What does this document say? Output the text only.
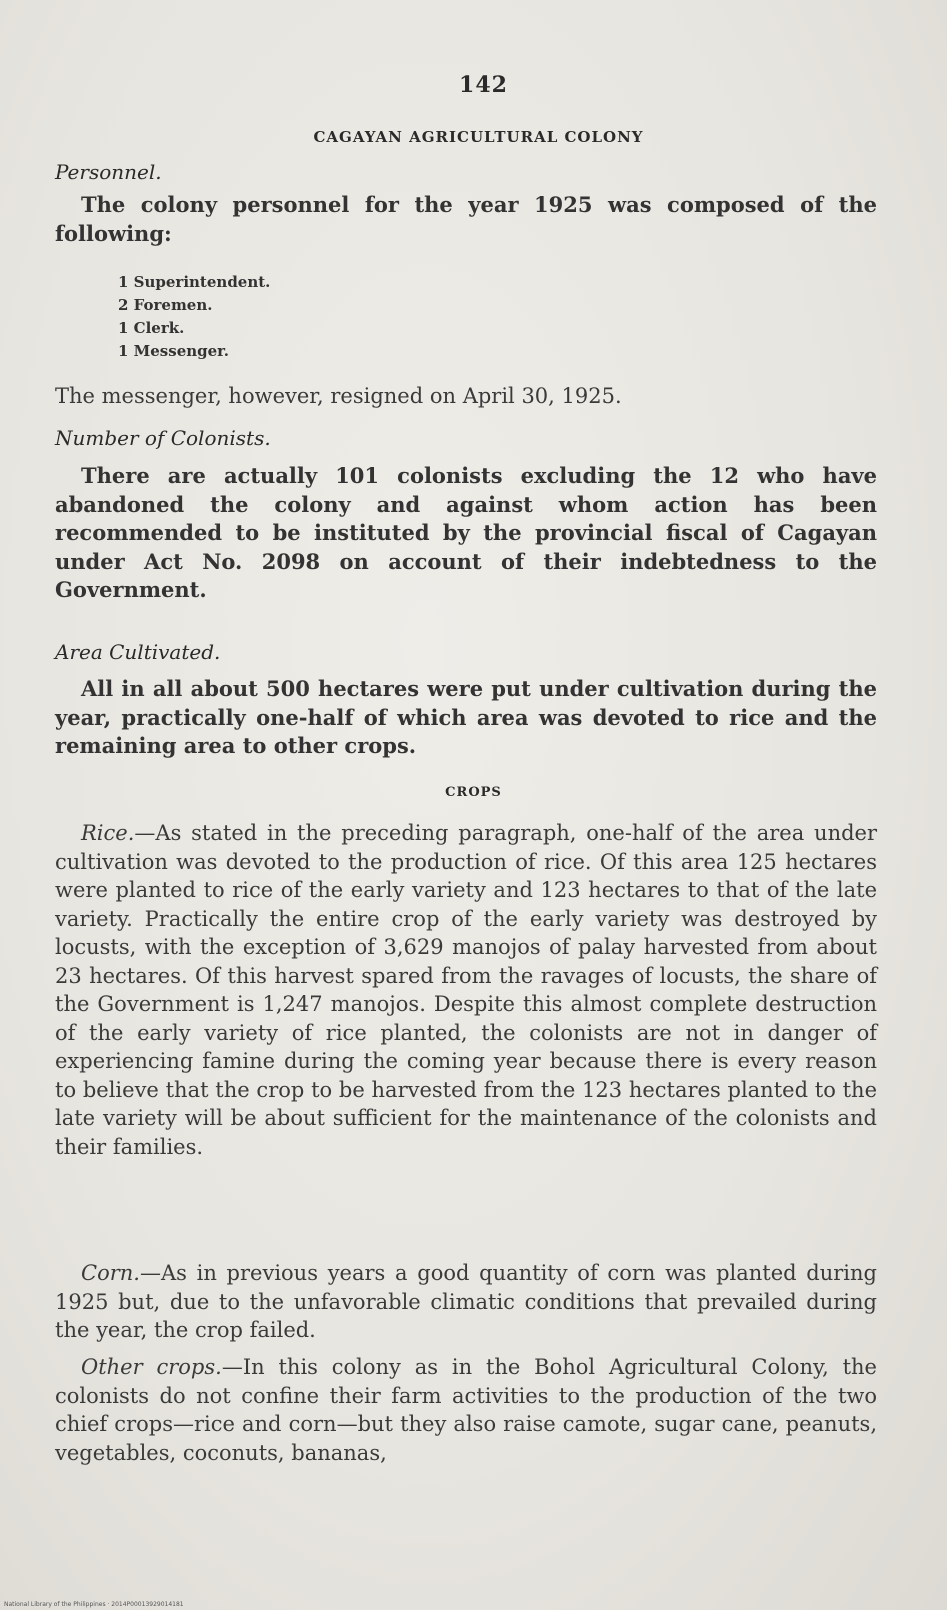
142
CAGAYAN AGRICULTURAL COLONY
Personnel.
The colony personnel for the year 1925 was composed of the following:
1 Superintendent.
2 Foremen.
1 Clerk.
1 Messenger.
The messenger, however, resigned on April 30, 1925.
Number of Colonists.
There are actually 101 colonists excluding the 12 who have abandoned the colony and against whom action has been recommended to be instituted by the provincial fiscal of Cagayan under Act No. 2098 on account of their indebtedness to the Government.
Area Cultivated.
All in all about 500 hectares were put under cultivation during the year, practically one-half of which area was devoted to rice and the remaining area to other crops.
CROPS
Rice.—As stated in the preceding paragraph, one-half of the area under cultivation was devoted to the production of rice. Of this area 125 hectares were planted to rice of the early variety and 123 hectares to that of the late variety. Practically the entire crop of the early variety was destroyed by locusts, with the exception of 3,629 manojos of palay harvested from about 23 hectares. Of this harvest spared from the ravages of locusts, the share of the Government is 1,247 manojos. Despite this almost complete destruction of the early variety of rice planted, the colonists are not in danger of experiencing famine during the coming year because there is every reason to believe that the crop to be harvested from the 123 hectares planted to the late variety will be about sufficient for the maintenance of the colonists and their families.
Corn.—As in previous years a good quantity of corn was planted during 1925 but, due to the unfavorable climatic conditions that prevailed during the year, the crop failed.
Other crops.—In this colony as in the Bohol Agricultural Colony, the colonists do not confine their farm activities to the production of the two chief crops—rice and corn—but they also raise camote, sugar cane, peanuts, vegetables, coconuts, bananas,
National Library of the Philippines · 2014P00013929014181
